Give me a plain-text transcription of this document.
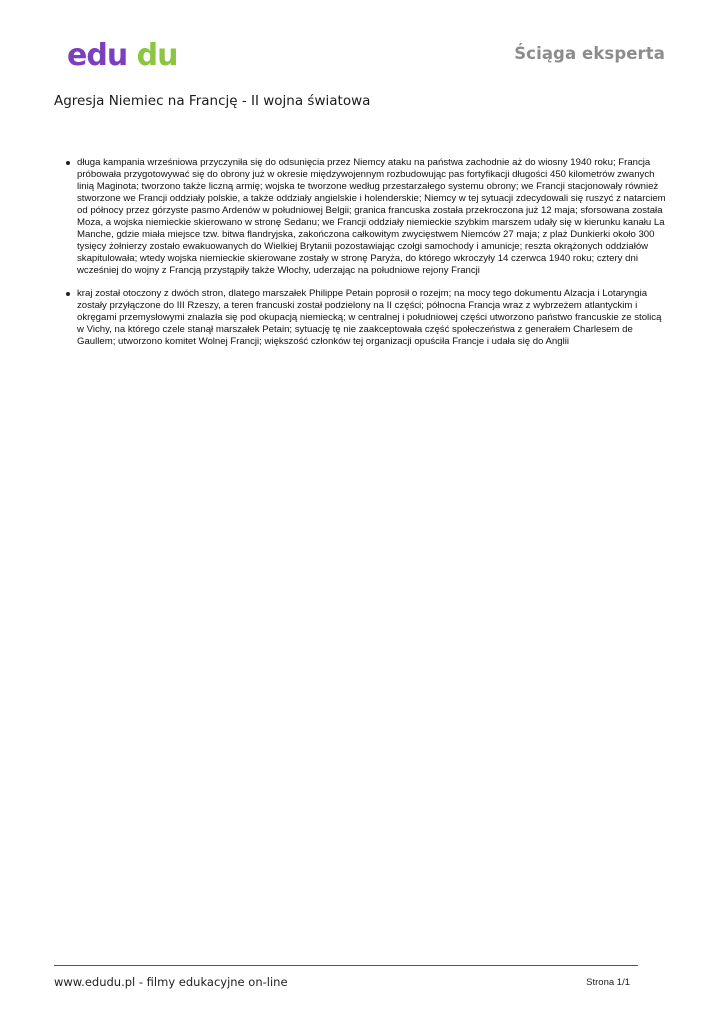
edu du	Ściąga eksperta
Agresja Niemiec na Francję - II wojna światowa
długa kampania wrześniowa przyczyniła się do odsunięcia przez Niemcy ataku na państwa zachodnie aż do wiosny 1940 roku; Francja próbowała przygotowywać się do obrony już w okresie międzywojennym rozbudowując pas fortyfikacji długości 450 kilometrów zwanych linią Maginota; tworzono także liczną armię; wojska te tworzone według przestarzałego systemu obrony; we Francji stacjonowały również stworzone we Francji oddziały polskie, a także oddziały angielskie i holenderskie; Niemcy w tej sytuacji zdecydowali się ruszyć z natarciem od północy przez górzyste pasmo Ardenów w południowej Belgii; granica francuska została przekroczona już 12 maja; sforsowana została Moza, a wojska niemieckie skierowano w stronę Sedanu; we Francji oddziały niemieckie szybkim marszem udały się w kierunku kanału La Manche, gdzie miała miejsce tzw. bitwa flandryjska, zakończona całkowitym zwycięstwem Niemców 27 maja; z plaż Dunkierki około 300 tysięcy żołnierzy zostało ewakuowanych do Wielkiej Brytanii pozostawiając czołgi samochody i amunicje; reszta okrążonych oddziałów skapitulowała; wtedy wojska niemieckie skierowane zostały w stronę Paryża, do którego wkroczyły 14 czerwca 1940 roku; cztery dni wcześniej do wojny z Francją przystąpiły także Włochy, uderzając na południowe rejony Francji
kraj został otoczony z dwóch stron, dlatego marszałek Philippe Petain poprosił o rozejm; na mocy tego dokumentu Alzacja i Lotaryngia zostały przyłączone do III Rzeszy, a teren francuski został podzielony na II części; północna Francja wraz z wybrzeżem atlantyckim i okręgami przemysłowymi znalazła się pod okupacją niemiecką; w centralnej i południowej części utworzono państwo francuskie ze stolicą w Vichy, na którego czele stanął marszałek Petain; sytuację tę nie zaakceptowała część społeczeństwa z generałem Charlesem de Gaullem; utworzono komitet Wolnej Francji; większość członków tej organizacji opuściła Francje i udała się do Anglii
www.edudu.pl - filmy edukacyjne on-line	Strona 1/1
